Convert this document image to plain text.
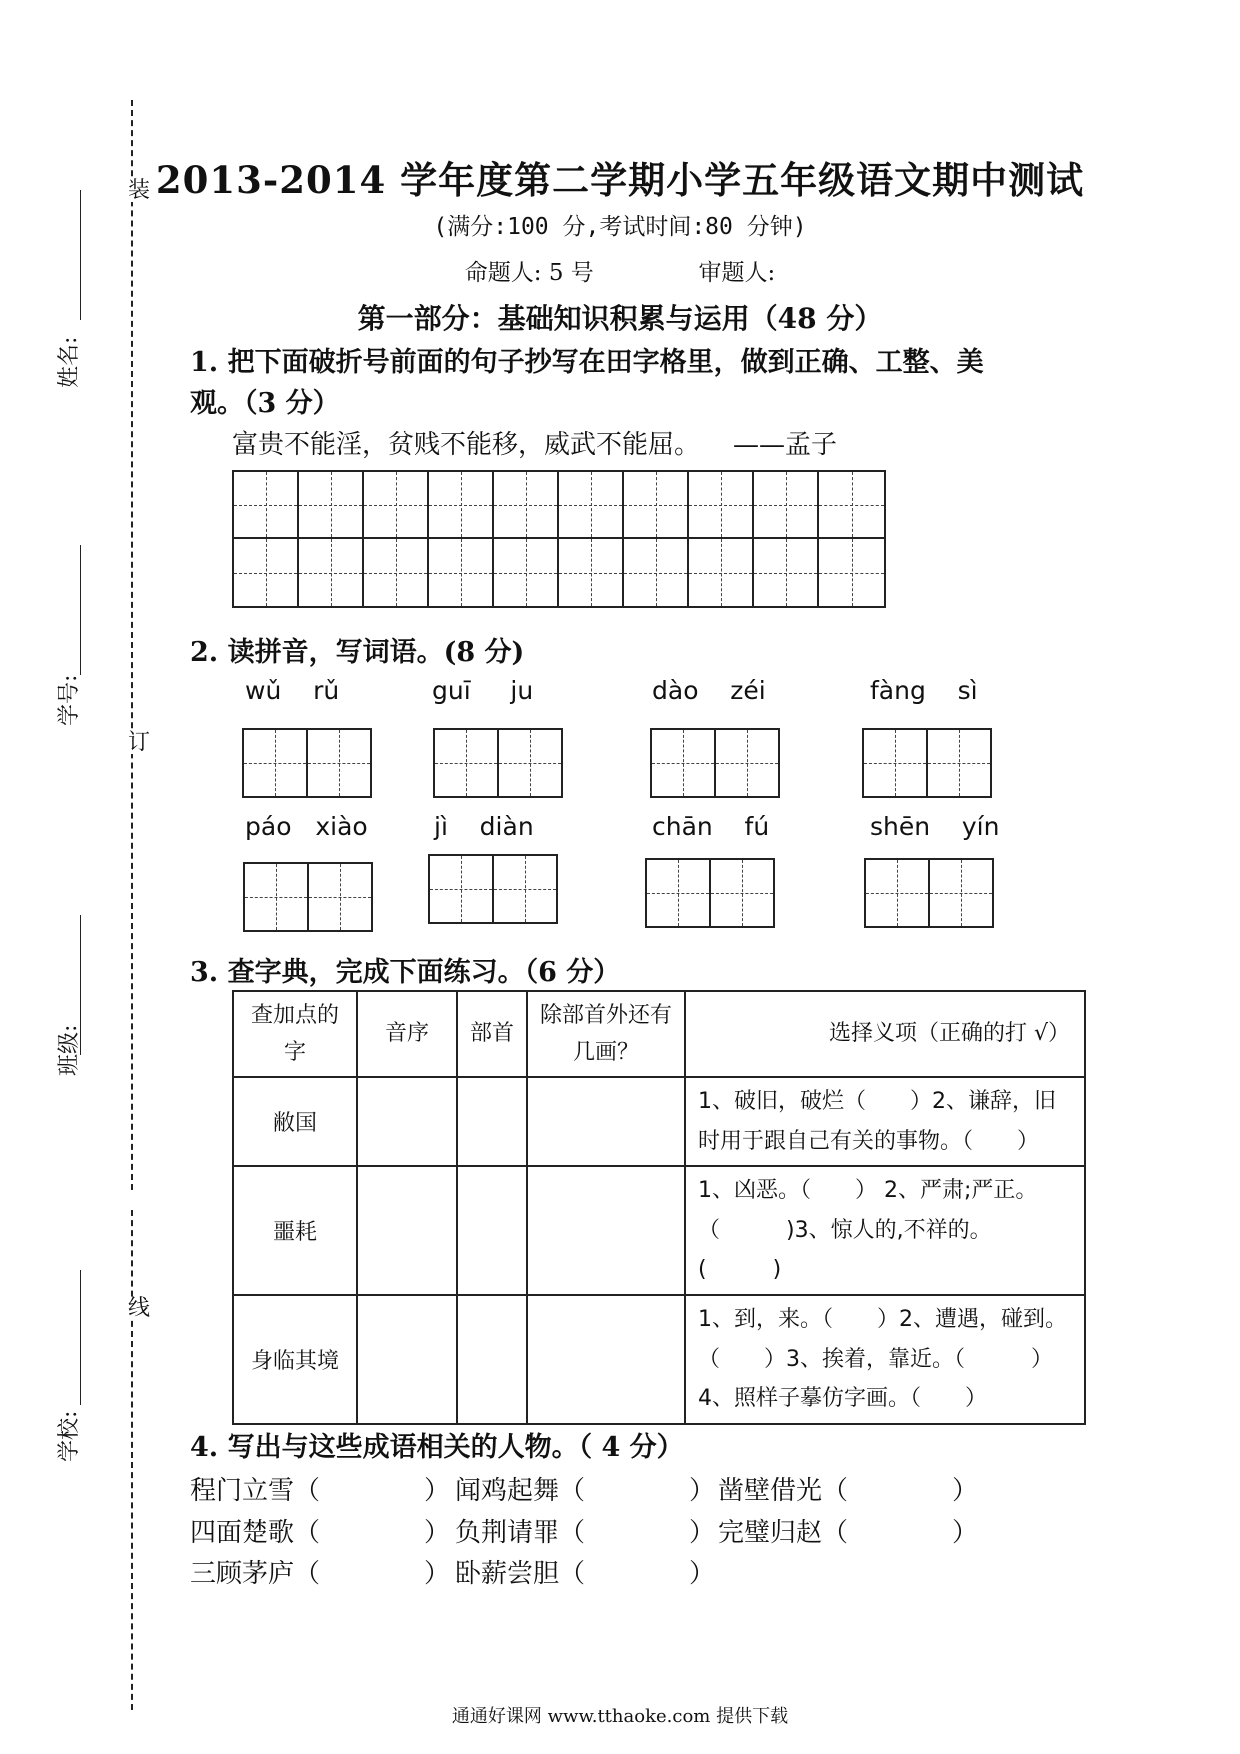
装
订
线
姓名:
学号:
班级:
学校:
2013-2014 学年度第二学期小学五年级语文期中测试
(满分:100 分,考试时间:80 分钟)
命题人: 5 号	审题人:
第一部分：基础知识积累与运用（48 分）
1. 把下面破折号前面的句子抄写在田字格里，做到正确、工整、美
观。（3 分）
富贵不能淫，贫贱不能移，威武不能屈。    ——孟子
2. 读拼音，写词语。(8 分)
wǔ    rǔ	guī     ju	dào    zéi	fàng    sì
páo   xiào	jì    diàn	chān    fú	shēn    yín
3. 查字典，完成下面练习。（6 分）
查加点的字	音序	部首	除部首外还有几画？	选择义项（正确的打 √）
敝国				1、破旧，破烂（　　）2、谦辞，旧
时用于跟自己有关的事物。（　　）

噩耗				1、凶恶。（　　） 2、严肃;严正。
（　　　)3、惊人的,不祥的。(　　　)

身临其境				1、到，来。（　　）2、遭遇，碰到。
（　　）3、挨着，靠近。（　　　）
4、照样子摹仿字画。（　　）
4. 写出与这些成语相关的人物。（ 4 分）
程门立雪（　　　　） 闻鸡起舞（　　　　） 凿壁借光（　　　　）
四面楚歌（　　　　） 负荆请罪（　　　　） 完璧归赵（　　　　）
三顾茅庐（　　　　） 卧薪尝胆（　　　　）
通通好课网 www.tthaoke.com 提供下载
